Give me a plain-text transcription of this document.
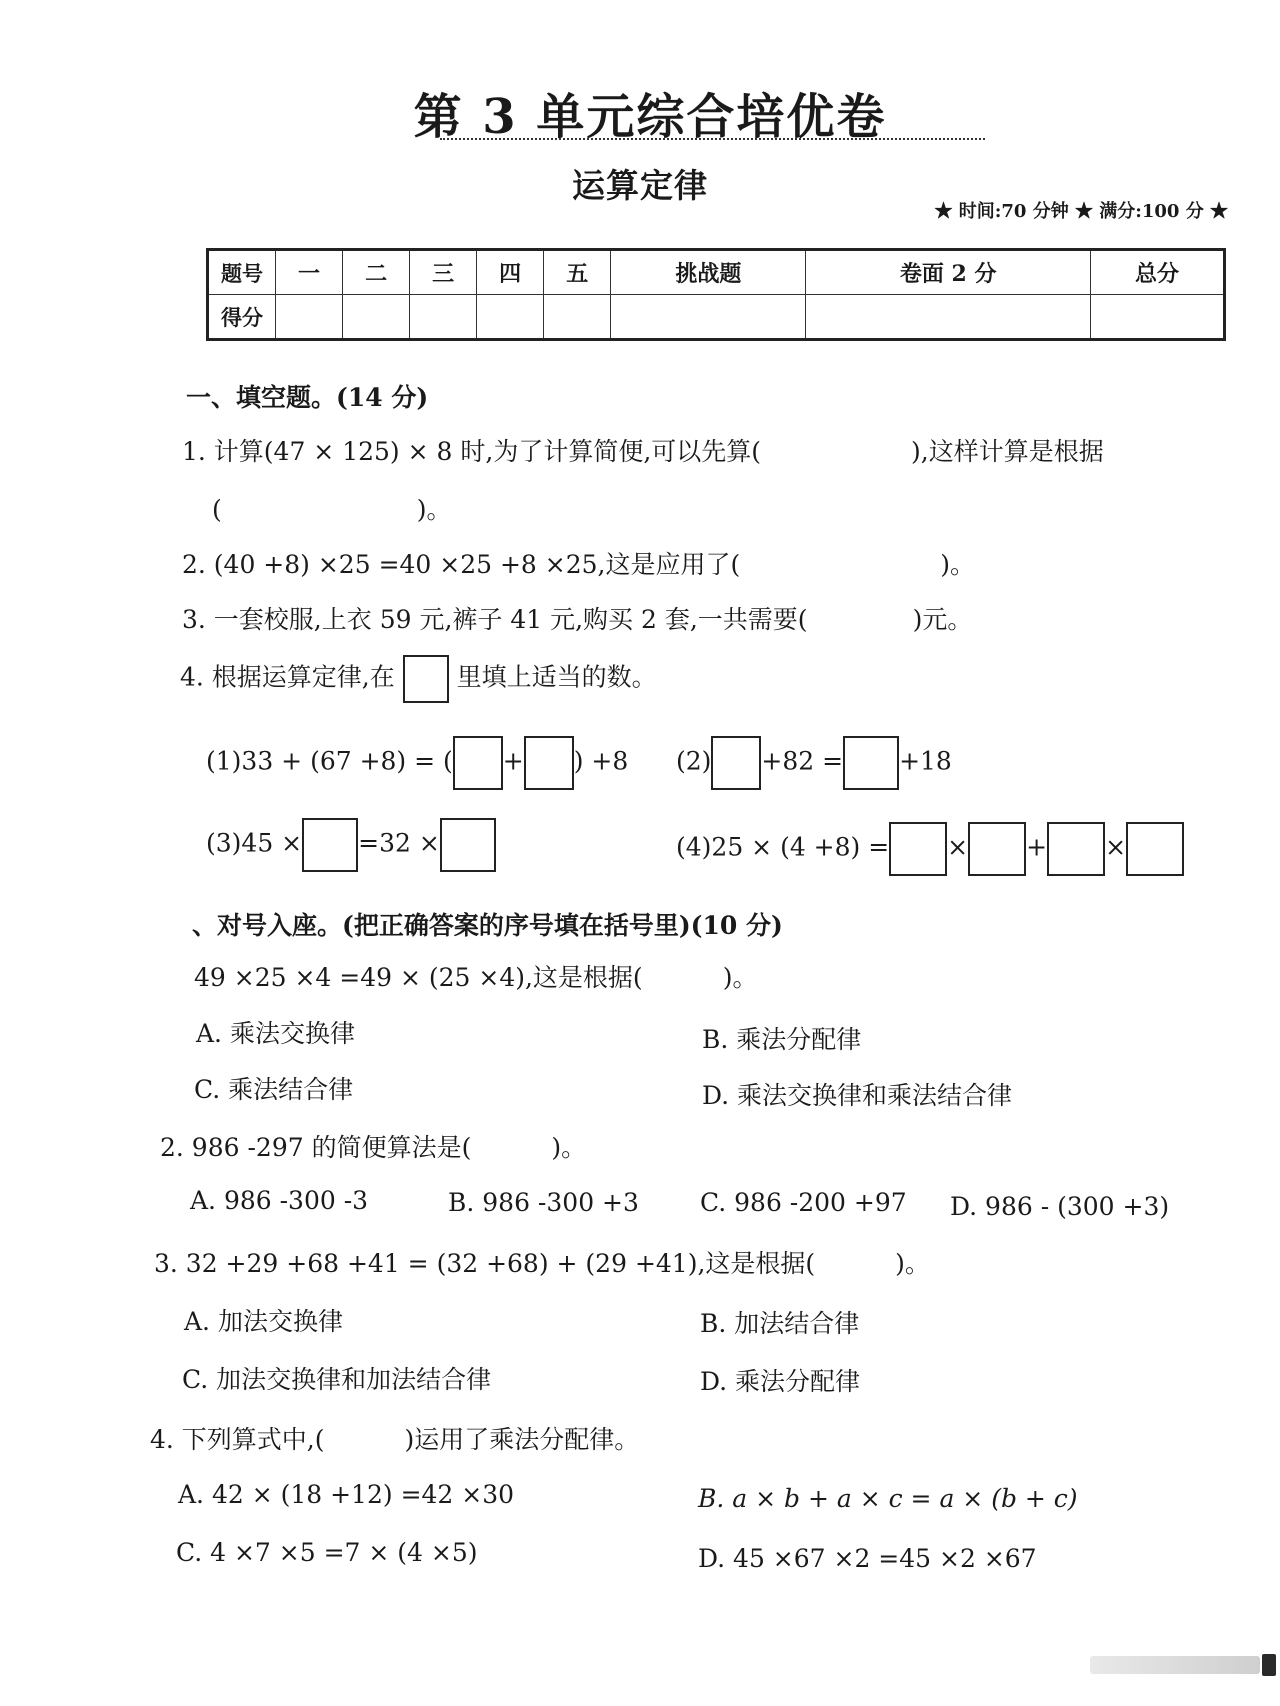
第 3 单元综合培优卷
运算定律
★ 时间:70 分钟 ★ 满分:100 分 ★
题号	一	二	三	四	五	挑战题	卷面 2 分	总分
得分								
一、填空题。(14 分)
1. 计算(47 × 125) × 8 时,为了计算简便,可以先算(	),这样计算是根据
(	)。
2. (40 +8) ×25 =40 ×25 +8 ×25,这是应用了(	)。
3. 一套校服,上衣 59 元,裤子 41 元,购买 2 套,一共需要(	)元。
4. 根据运算定律,在 里填上适当的数。
(1)33 + (67 +8) = ( + ) +8 (2) +82 = +18
(3)45 × =32 ×	(4)25 × (4 +8) = × + ×
、对号入座。(把正确答案的序号填在括号里)(10 分)
49 ×25 ×4 =49 × (25 ×4),这是根据(	)。
A. 乘法交换律	B. 乘法分配律
C. 乘法结合律	D. 乘法交换律和乘法结合律
2. 986 -297 的简便算法是(	)。
A. 986 -300 -3	B. 986 -300 +3 C. 986 -200 +97 D. 986 - (300 +3)
3. 32 +29 +68 +41 = (32 +68) + (29 +41),这是根据(	)。
A. 加法交换律	B. 加法结合律
C. 加法交换律和加法结合律	D. 乘法分配律
4. 下列算式中,(	)运用了乘法分配律。
A. 42 × (18 +12) =42 ×30	B. a × b + a × c = a × (b + c)
C. 4 ×7 ×5 =7 × (4 ×5)	D. 45 ×67 ×2 =45 ×2 ×67
